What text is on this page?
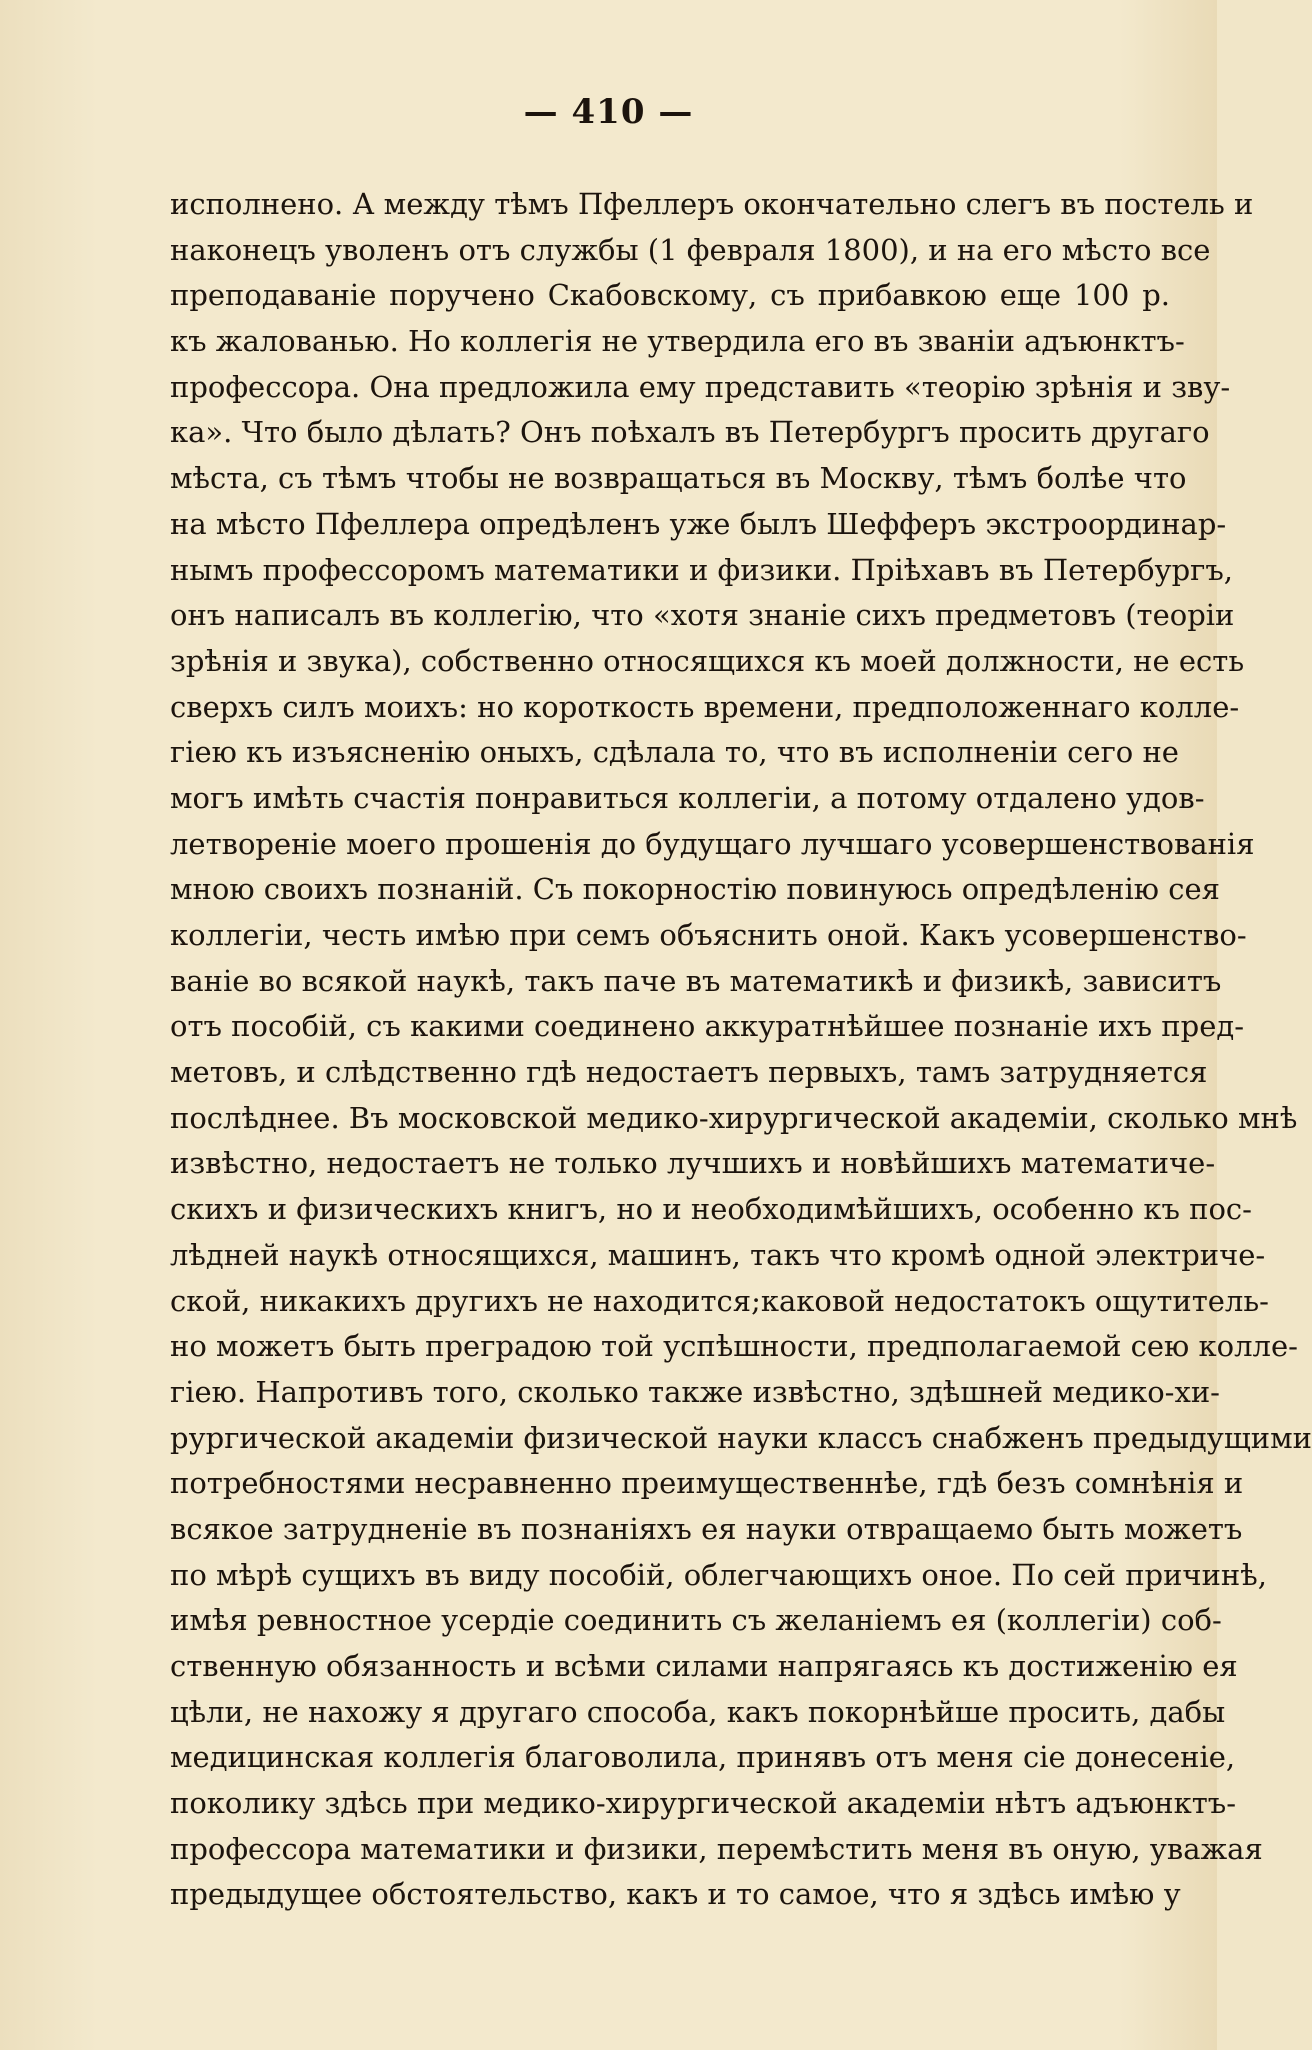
— 410 —
исполнено. А между тѣмъ Пфеллеръ окончательно слегъ въ постель и
наконецъ уволенъ отъ службы (1 февраля 1800), и на его мѣсто все
преподаванiе поручено Скабовскому, съ прибавкою еще 100 р.
къ жалованью. Но коллегiя не утвердила его въ званiи адъюнктъ-
профессора. Она предложила ему представить «теорiю зрѣнiя и зву-
ка». Что было дѣлать? Онъ поѣхалъ въ Петербургъ просить другаго
мѣста, съ тѣмъ чтобы не возвращаться въ Москву, тѣмъ болѣе что
на мѣсто Пфеллера опредѣленъ уже былъ Шефферъ экстроординар-
нымъ профессоромъ математики и физики. Прiѣхавъ въ Петербургъ,
онъ написалъ въ коллегiю, что «хотя знанiе сихъ предметовъ (теорiи
зрѣнiя и звука), собственно относящихся къ моей должности, не есть
сверхъ силъ моихъ: но короткость времени, предположеннаго колле-
гiею къ изъясненiю оныхъ, сдѣлала то, что въ исполненiи сего не
могъ имѣть счастiя понравиться коллегiи, а потому отдалено удов-
летворенiе моего прошенiя до будущаго лучшаго усовершенствованiя
мною своихъ познанiй. Съ покорностiю повинуюсь опредѣленiю сея
коллегiи, честь имѣю при семъ объяснить оной. Какъ усовершенство-
ванiе во всякой наукѣ, такъ паче въ математикѣ и физикѣ, зависитъ
отъ пособiй, съ какими соединено аккуратнѣйшее познанiе ихъ пред-
метовъ, и слѣдственно гдѣ недостаетъ первыхъ, тамъ затрудняется
послѣднее. Въ московской медико-хирургической академiи, сколько мнѣ
извѣстно, недостаетъ не только лучшихъ и новѣйшихъ математиче-
скихъ и физическихъ книгъ, но и необходимѣйшихъ, особенно къ пос-
лѣдней наукѣ относящихся, машинъ, такъ что кромѣ одной электриче-
ской, никакихъ другихъ не находится;каковой недостатокъ ощутитель-
но можетъ быть преградою той успѣшности, предполагаемой сею колле-
гiею. Напротивъ того, сколько также извѣстно, здѣшней медико-хи-
рургической академiи физической науки классъ снабженъ предыдущими
потребностями несравненно преимущественнѣе, гдѣ безъ сомнѣнiя и
всякое затрудненiе въ познанiяхъ ея науки отвращаемо быть можетъ
по мѣрѣ сущихъ въ виду пособiй, облегчающихъ оное. По сей причинѣ,
имѣя ревностное усердiе соединить съ желанiемъ ея (коллегiи) соб-
ственную обязанность и всѣми силами напрягаясь къ достиженiю ея
цѣли, не нахожу я другаго способа, какъ покорнѣйше просить, дабы
медицинская коллегiя благоволила, принявъ отъ меня сiе донесенiе,
поколику здѣсь при медико-хирургической академiи нѣтъ адъюнктъ-
профессора математики и физики, перемѣстить меня въ оную, уважая
предыдущее обстоятельство, какъ и то самое, что я здѣсь имѣю у
